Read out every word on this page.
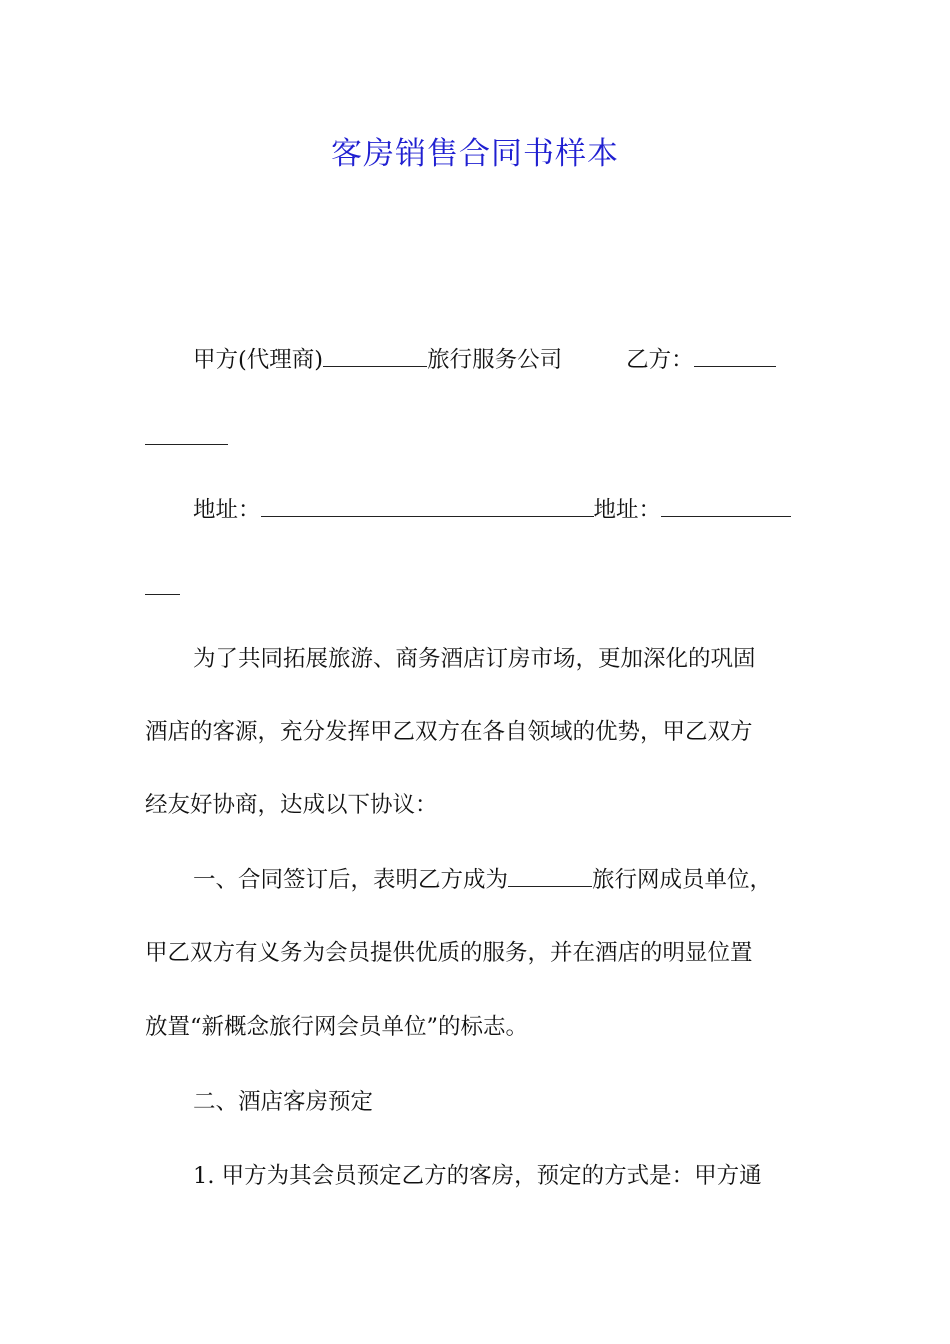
客房销售合同书样本
甲方(代理商)	旅行服务公司	乙方：
地址：	地址：
为了共同拓展旅游、商务酒店订房市场，更加深化的巩固
酒店的客源，充分发挥甲乙双方在各自领域的优势，甲乙双方
经友好协商，达成以下协议：
一、合同签订后，表明乙方成为	旅行网成员单位，
甲乙双方有义务为会员提供优质的服务，并在酒店的明显位置
放置“新概念旅行网会员单位”的标志。
二、酒店客房预定
1. 甲方为其会员预定乙方的客房，预定的方式是：甲方通
